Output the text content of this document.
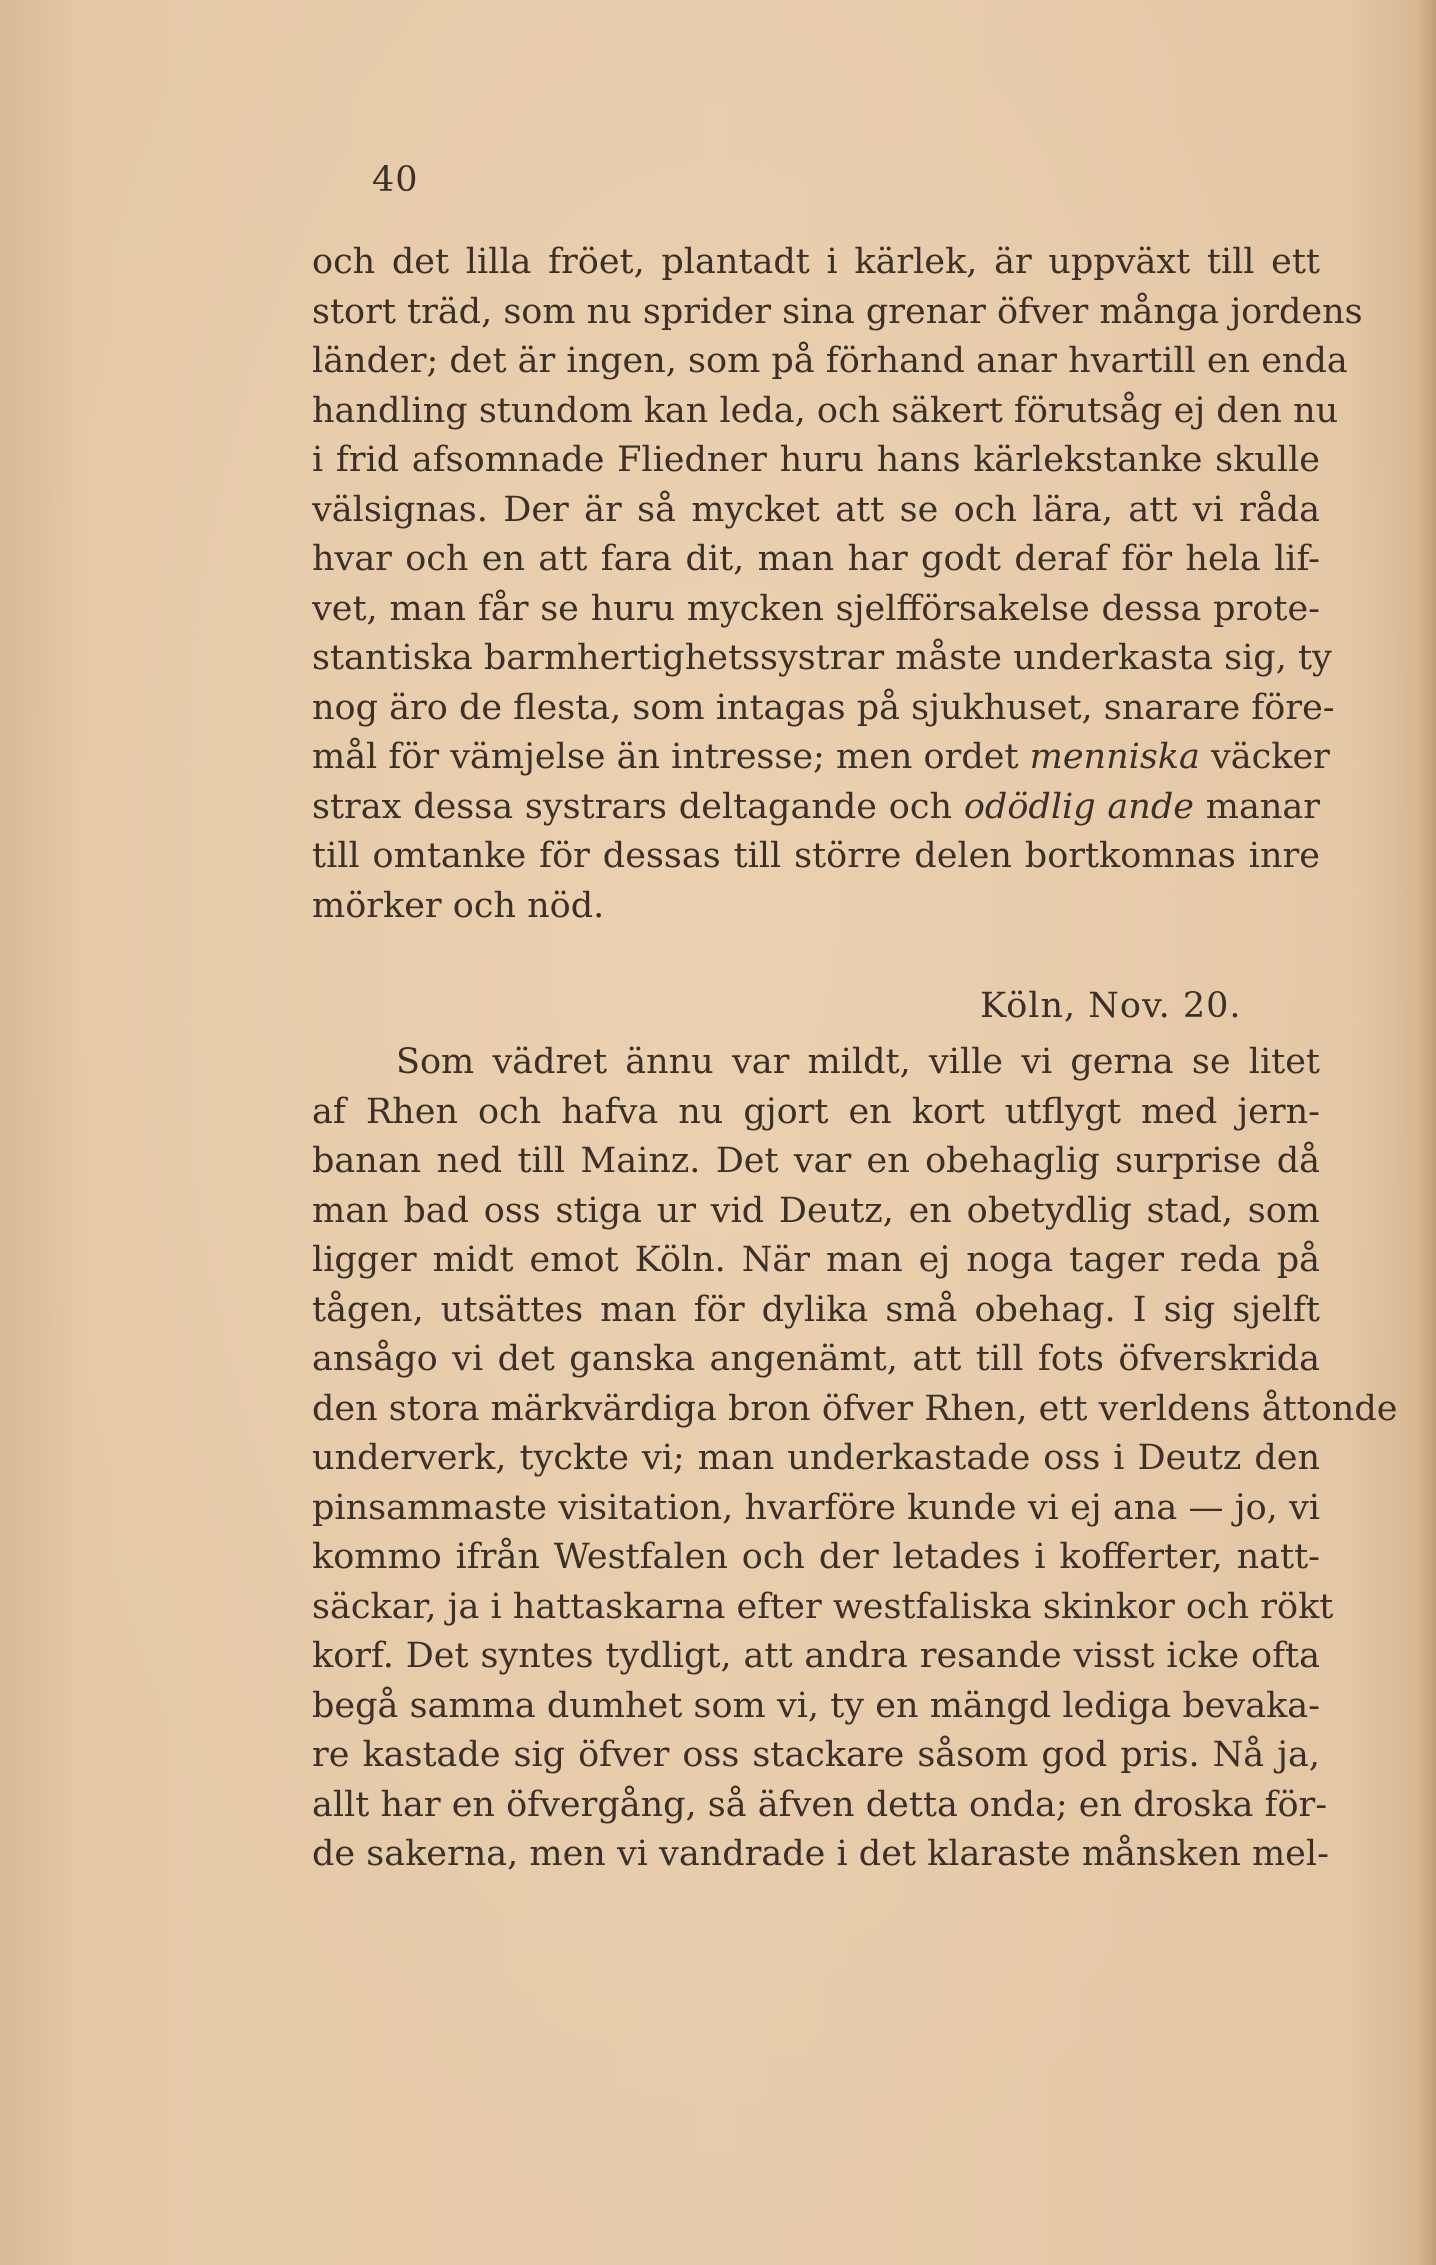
40
och det lilla fröet, plantadt i kärlek, är uppväxt till ett
stort träd, som nu sprider sina grenar öfver många jordens
länder; det är ingen, som på förhand anar hvartill en enda
handling stundom kan leda, och säkert förutsåg ej den nu
i frid afsomnade Fliedner huru hans kärlekstanke skulle
välsignas. Der är så mycket att se och lära, att vi råda
hvar och en att fara dit, man har godt deraf för hela lif-
vet, man får se huru mycken sjelfförsakelse dessa prote-
stantiska barmhertighetssystrar måste underkasta sig, ty
nog äro de flesta, som intagas på sjukhuset, snarare före-
mål för vämjelse än intresse; men ordet menniska väcker
strax dessa systrars deltagande och odödlig ande manar
till omtanke för dessas till större delen bortkomnas inre
mörker och nöd.
Köln, Nov. 20.
Som vädret ännu var mildt, ville vi gerna se litet
af Rhen och hafva nu gjort en kort utflygt med jern-
banan ned till Mainz. Det var en obehaglig surprise då
man bad oss stiga ur vid Deutz, en obetydlig stad, som
ligger midt emot Köln. När man ej noga tager reda på
tågen, utsättes man för dylika små obehag. I sig sjelft
ansågo vi det ganska angenämt, att till fots öfverskrida
den stora märkvärdiga bron öfver Rhen, ett verldens åttonde
underverk, tyckte vi; man underkastade oss i Deutz den
pinsammaste visitation, hvarföre kunde vi ej ana — jo, vi
kommo ifrån Westfalen och der letades i kofferter, natt-
säckar, ja i hattaskarna efter westfaliska skinkor och rökt
korf. Det syntes tydligt, att andra resande visst icke ofta
begå samma dumhet som vi, ty en mängd lediga bevaka-
re kastade sig öfver oss stackare såsom god pris. Nå ja,
allt har en öfvergång, så äfven detta onda; en droska för-
de sakerna, men vi vandrade i det klaraste månsken mel-
